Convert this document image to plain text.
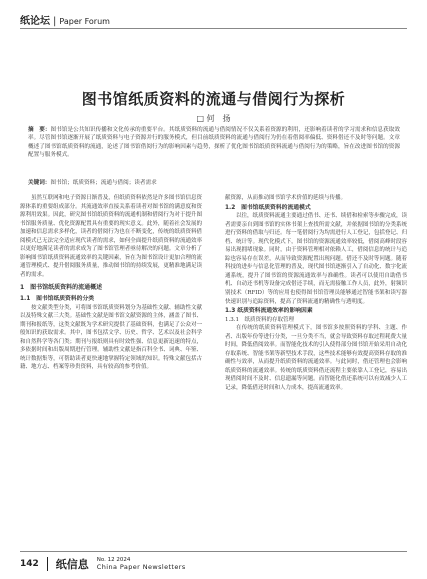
纸论坛 | Paper Forum
图书馆纸质资料的流通与借阅行为探析
□ 何　扬
摘　要：图书馆是公共知识传播和文化传承的重要平台。其纸质资料的流通与借阅情况不仅关系着资源的利用，还影响着读者的学习需求和信息获取效率。尽管图书馆逐渐开展了纸质资料与电子资源并行的服务模式，但目前纸质资料的流通与借阅行为仍在着借阅率偏低、资料借还不及时等问题。文章概述了图书馆纸质资料的流通，论述了图书馆借阅行为的影响因素与趋势，探析了优化图书馆纸质资料流通与借阅行为的策略，旨在改进图书馆的资源配置与服务模式。
关键词：图书馆；纸质资料；流通与借阅；读者需求

虽然互联网和电子资源日渐普及，但纸质资料依然是许多图书馆信息资源体系的重要组成部分。其流通效率直接关系着读者对图书馆的满意度和资源利用效果。因此，研究图书馆纸质资料的流通机制和借阅行为对于提升图书馆服务质量、优化资源配置具有重要的现实意义。此外，随着社会发展的加速和信息需求多样化，读者的借阅行为也在不断变化，传统的纸质资料借阅模式已无法完全适应现代读者的需求，如何全面提升纸质资料的流通效率以更好地满足读者的需求成为了图书馆管理者亟待解决的问题。文章分析了影响图书馆纸质资料流通效率的关键因素，旨在为图书馆设计更加合理的流通管理模式、提升借阅服务质量，推动图书馆的持续发展，更精准地满足读者的需求。

1　图书馆纸质资料的流通概述

1.1　图书馆纸质资料的分类

按文献类型分类，可将图书馆纸质资料划分为基础性文献、辅助性文献以及特殊文献三大类。基础性文献是图书馆文献资源的主体，涵盖了图书、期刊和报纸等，这类文献既为学术研究提供了基础资料，也满足了公众对一般知识的获取需求。其中，图书包括文学、历史、哲学、艺术以及社会科学和自然科学等各门类；期刊与报纸则具有时效性强、信息更新迅速的特点，多依据时间和出版周期进行管理。辅助性文献是指百科全书、词典、年鉴、统计数据集等，可帮助读者更快速地掌握特定领域的知识。特殊文献包括古籍、地方志、档案等珍贵资料，具有较高的参考价值。

献资源，从而推动图书馆学术价值的延续与传播。

1.2　图书馆纸质资料的流通模式

以往，纸质资料流通主要通过借书、还书、续借和检索等步骤完成，读者需要亲自到图书馆的实体书架上查找所需文献，并依据图书馆的分类系统进行资料的借取与归还。每一笔借阅行为均需进行人工登记，包括登记、归档、统计等。现代化模式下，图书馆的资源流通效率较低，借阅高峰时段容易出现拥堵现象。同时，由于资料管理相对依赖人工，借阅信息的统计与追踪也容易存在误差，从而导致资源配置出现问题。借还不及时等问题。随着科技的进步与信息化管理的普及，现代图书馆逐渐引入了自动化、数字化流通系统，提升了图书馆的资源流通效率与准确性。读者可以使用自助借书机、自动还书机等设备完成借还手续，而无需接触工作人员，此外，射频识别技术（RFID）等的应用也使得图书馆管理员能够通过智能书架和读写器快速识别与追踪资料，提高了资料流通的精确性与透明度。

1.3 纸质资料流通效率的影响因素

1.3.1　纸质资料的存取管理

在传统的纸质资料管理模式下，图书馆多按照资料的学科、主题、作者、出版年份等进行分类，一旦分类不当，就会导致资料存取过程耗费大量时间，降低借阅效率。而智能化技术的引入使得部分图书馆开始采用自动化存取系统、智能书架等新型技术手段，这些技术能够有效提高资料存取的准确性与效率，从而提升纸质资料的流通效率。与此同时，借还管理也会影响纸质资料的流通效率。传统的纸质资料借还流程主要依靠人工登记，容易出现借阅时间不及时、信息遗漏等问题。而智能化借还系统可以有效减少人工记录，降低借还时间和人力成本，提高流通效率。

142 纸信息 No. 12 2024
China Paper Newsletters
